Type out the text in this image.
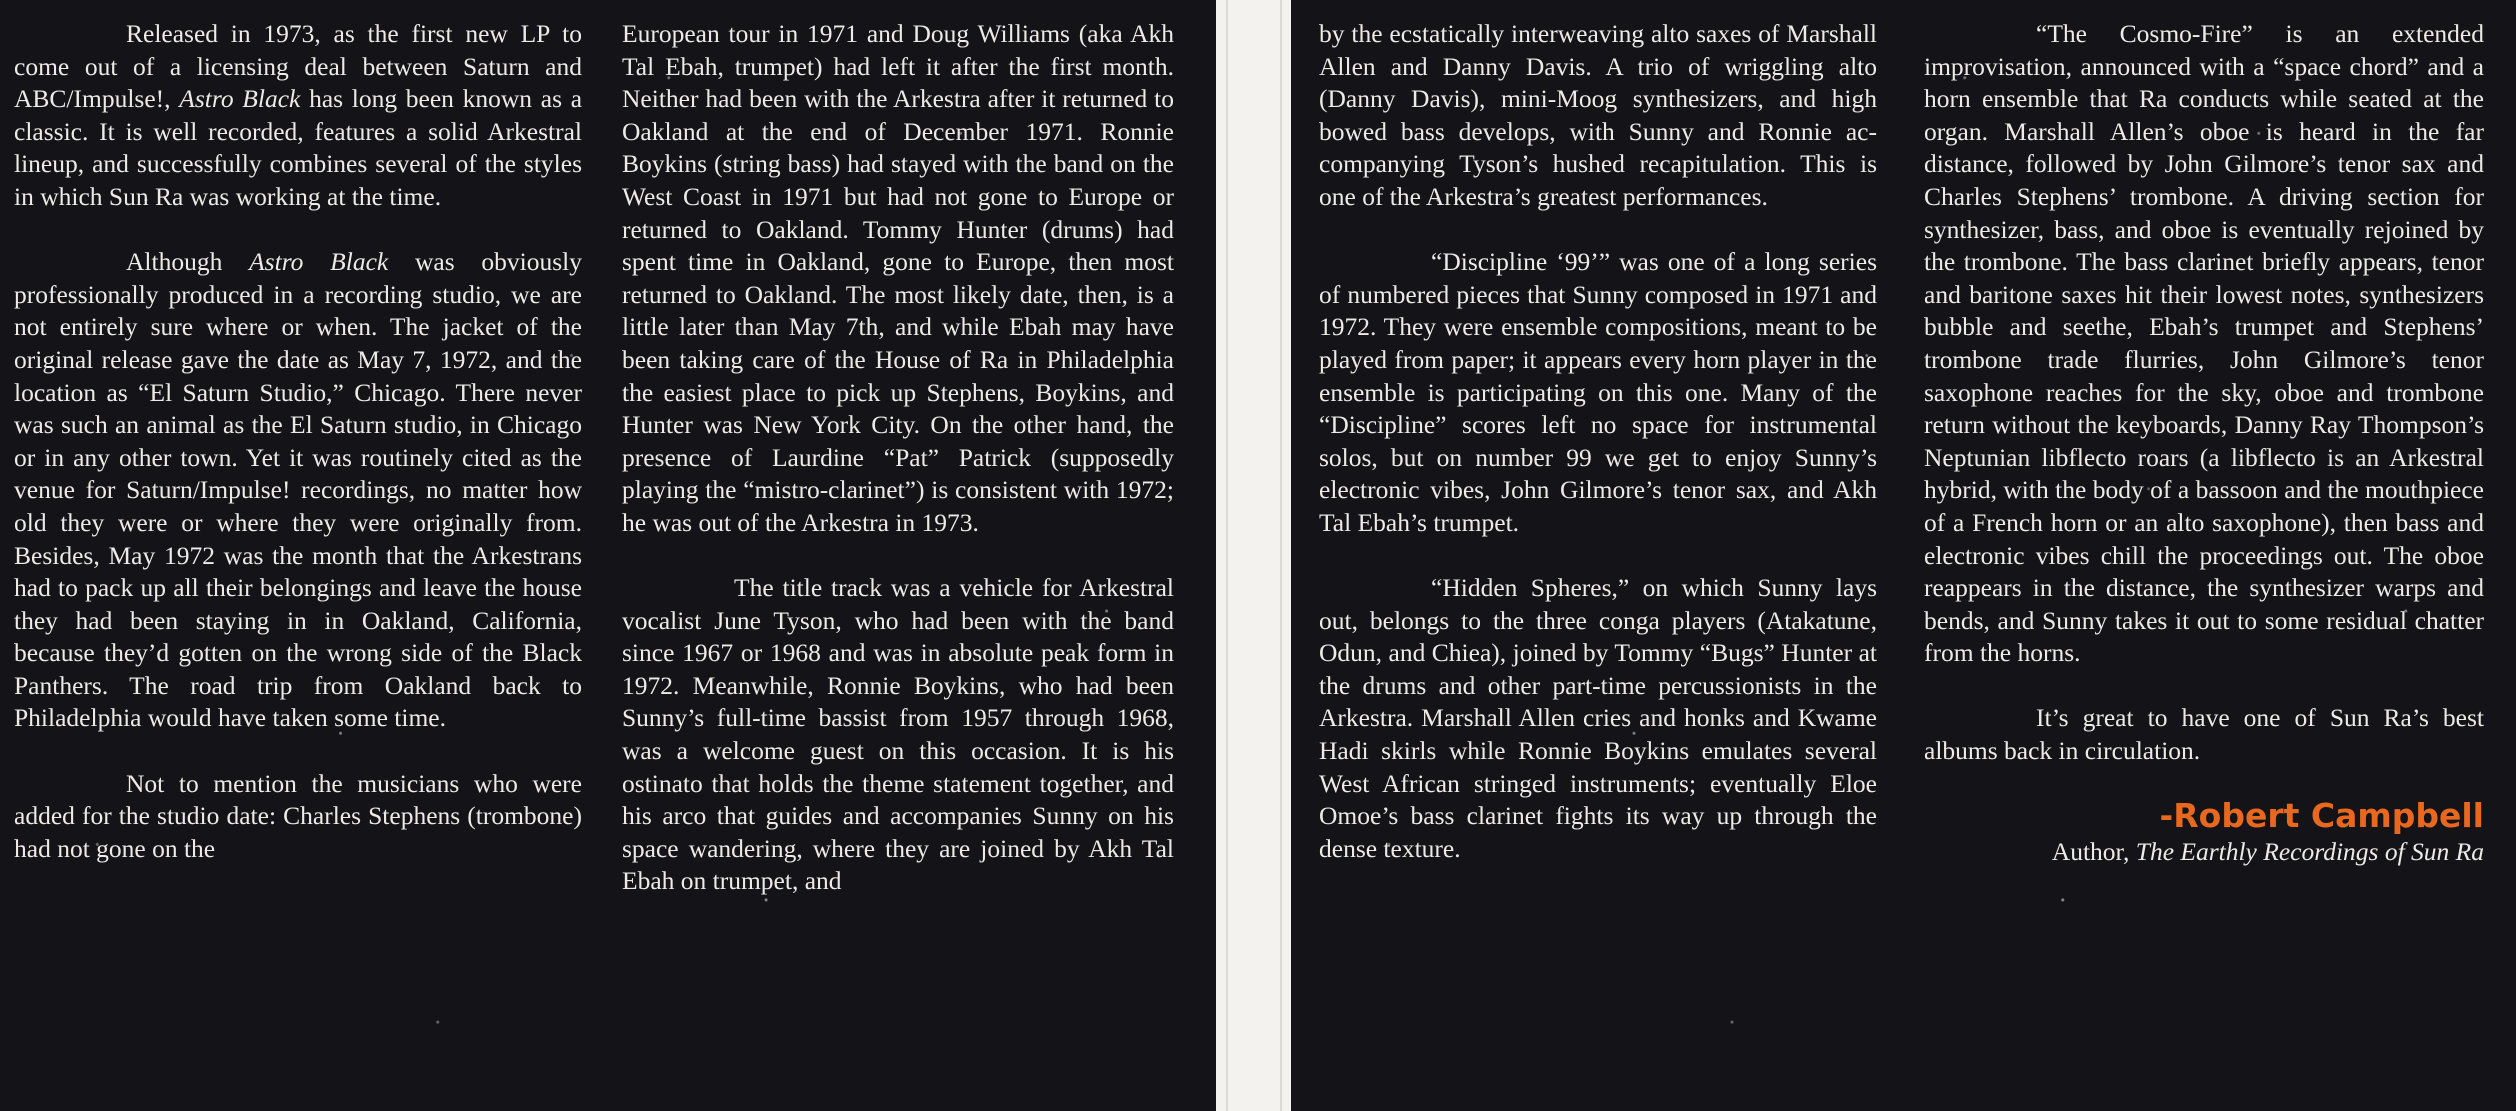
Released in 1973, as the first new LP to come out of a licensing deal between Saturn and ABC/Impulse!, Astro Black has long been known as a classic. It is well recorded, features a solid Arkestral lineup, and successfully combines several of the styles in which Sun Ra was working at the time.

Although Astro Black was obviously professionally produced in a recording studio, we are not entirely sure where or when. The jacket of the original release gave the date as May 7, 1972, and the location as “El Saturn Studio,” Chicago. There never was such an animal as the El Saturn studio, in Chicago or in any other town. Yet it was routinely cited as the venue for Saturn/Impulse! recordings, no matter how old they were or where they were originally from. Besides, May 1972 was the month that the Arkestrans had to pack up all their belongings and leave the house they had been staying in in Oakland, California, because they’d gotten on the wrong side of the Black Panthers. The road trip from Oakland back to Philadelphia would have taken some time.

Not to mention the musicians who were added for the studio date: Charles Stephens (trombone) had not gone on the

European tour in 1971 and Doug Williams (aka Akh Tal Ebah, trumpet) had left it after the first month. Neither had been with the Arkestra after it returned to Oakland at the end of December 1971. Ronnie Boykins (string bass) had stayed with the band on the West Coast in 1971 but had not gone to Europe or returned to Oakland. Tommy Hunter (drums) had spent time in Oakland, gone to Europe, then most returned to Oakland. The most likely date, then, is a little later than May 7th, and while Ebah may have been taking care of the House of Ra in Philadelphia the easiest place to pick up Stephens, Boykins, and Hunter was New York City. On the other hand, the presence of Laurdine “Pat” Patrick (supposedly playing the “mistro-clarinet”) is consistent with 1972; he was out of the Arkestra in 1973.

The title track was a vehicle for Arkestral vocalist June Tyson, who had been with the band since 1967 or 1968 and was in absolute peak form in 1972. Meanwhile, Ronnie Boykins, who had been Sunny’s full-time bassist from 1957 through 1968, was a welcome guest on this occasion. It is his ostinato that holds the theme statement together, and his arco that guides and accompanies Sunny on his space wandering, where they are joined by Akh Tal Ebah on trumpet, and

by the ecstatically interweaving alto saxes of Marshall Allen and Danny Davis. A trio of wriggling alto (Danny Davis), mini-Moog synthesizers, and high bowed bass develops, with Sunny and Ronnie accompanying Tyson’s hushed recapitulation. This is one of the Arkestra’s greatest performances.

“Discipline ‘99’” was one of a long series of numbered pieces that Sunny composed in 1971 and 1972. They were ensemble compositions, meant to be played from paper; it appears every horn player in the ensemble is participating on this one. Many of the “Discipline” scores left no space for instrumental solos, but on number 99 we get to enjoy Sunny’s electronic vibes, John Gilmore’s tenor sax, and Akh Tal Ebah’s trumpet.

“Hidden Spheres,” on which Sunny lays out, belongs to the three conga players (Atakatune, Odun, and Chiea), joined by Tommy “Bugs” Hunter at the drums and other part-time percussionists in the Arkestra. Marshall Allen cries and honks and Kwame Hadi skirls while Ronnie Boykins emulates several West African stringed instruments; eventually Eloe Omoe’s bass clarinet fights its way up through the dense texture.

“The Cosmo-Fire” is an extended improvisation, announced with a “space chord” and a horn ensemble that Ra conducts while seated at the organ. Marshall Allen’s oboe is heard in the far distance, followed by John Gilmore’s tenor sax and Charles Stephens’ trombone. A driving section for synthesizer, bass, and oboe is eventually rejoined by the trombone. The bass clarinet briefly appears, tenor and baritone saxes hit their lowest notes, synthesizers bubble and seethe, Ebah’s trumpet and Stephens’ trombone trade flurries, John Gilmore’s tenor saxophone reaches for the sky, oboe and trombone return without the keyboards, Danny Ray Thompson’s Neptunian libflecto roars (a libflecto is an Arkestral hybrid, with the body of a bassoon and the mouthpiece of a French horn or an alto saxophone), then bass and electronic vibes chill the proceedings out. The oboe reappears in the distance, the synthesizer warps and bends, and Sunny takes it out to some residual chatter from the horns.

It’s great to have one of Sun Ra’s best albums back in circulation.

-Robert Campbell

Author, The Earthly Recordings of Sun Ra
